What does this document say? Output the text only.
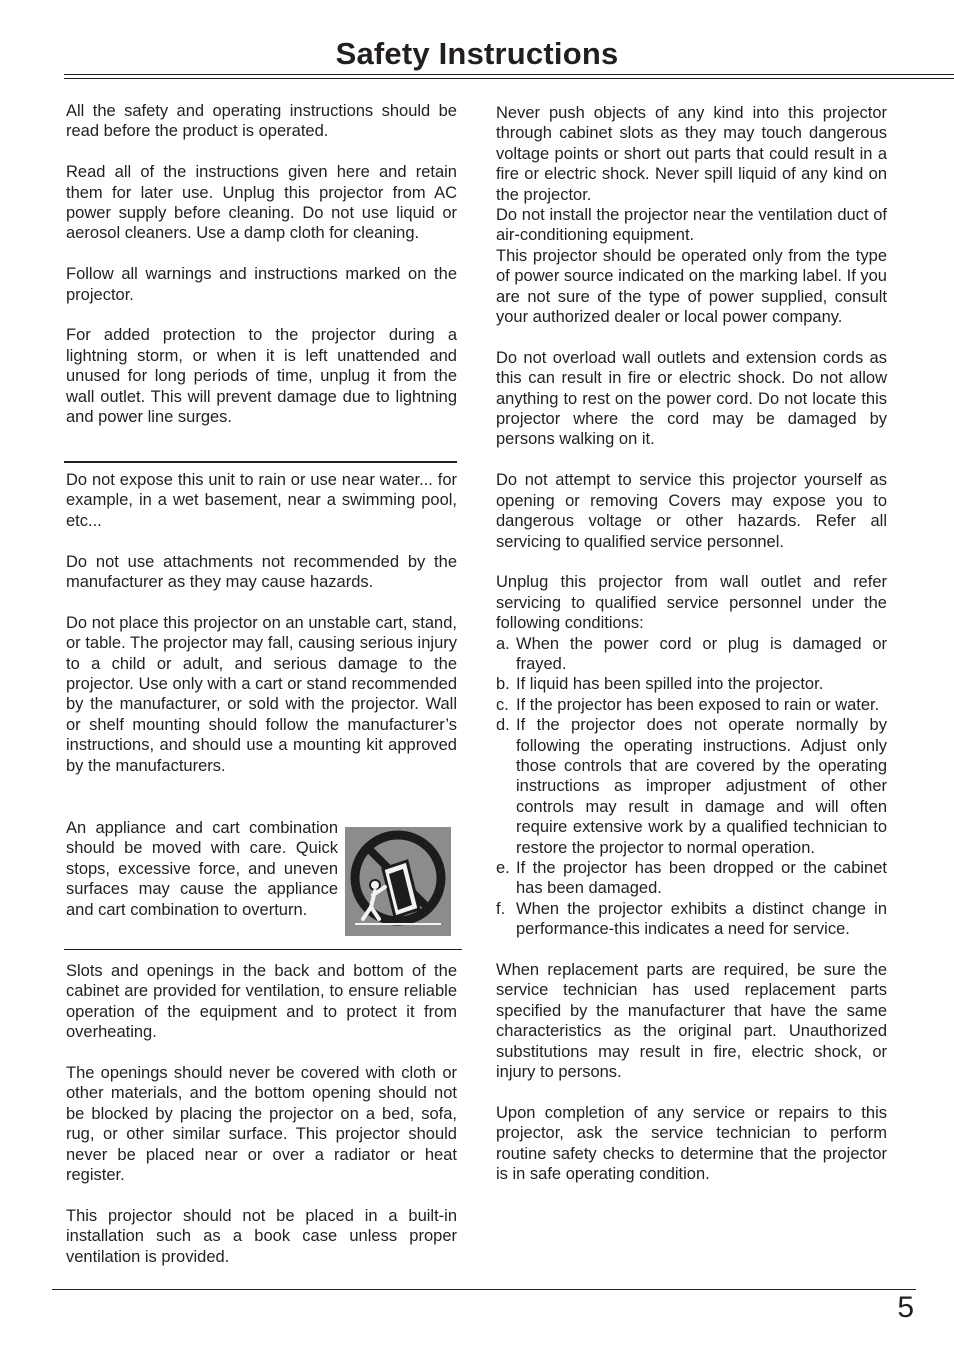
Safety Instructions

All the safety and operating instructions should be read before the product is operated.

Read all of the instructions given here and retain them for later use. Unplug this projector from AC power supply before cleaning. Do not use liquid or aerosol cleaners. Use a damp cloth for cleaning.

Follow all warnings and instructions marked on the projector.

For added protection to the projector during a lightning storm, or when it is left unattended and unused for long periods of time, unplug it from the wall outlet. This will prevent damage due to lightning and power line surges.

Do not expose this unit to rain or use near water... for example, in a wet basement, near a swimming pool, etc...

Do not use attachments not recommended by the manufacturer as they may cause hazards.

Do not place this projector on an unstable cart, stand, or table. The projector may fall, causing serious injury to a child or adult, and serious damage to the projector. Use only with a cart or stand recommended by the manufacturer, or sold with the projector. Wall or shelf mounting should follow the manufacturer’s instructions, and should use a mounting kit approved by the manufacturers.

An appliance and cart combination should be moved with care. Quick stops, excessive force, and uneven surfaces may cause the appliance and cart combination to overturn.

Slots and openings in the back and bottom of the cabinet are provided for ventilation, to ensure reliable operation of the equipment and to protect it from overheating.

The openings should never be covered with cloth or other materials, and the bottom opening should not be blocked by placing the projector on a bed, sofa, rug, or other similar surface. This projector should never be placed near or over a radiator or heat register.

This projector should not be placed in a built-in installation such as a book case unless proper ventilation is provided.

Never push objects of any kind into this projector through cabinet slots as they may touch dangerous voltage points or short out parts that could result in a fire or electric shock. Never spill liquid of any kind on the projector.

Do not install the projector near the ventilation duct of air-conditioning equipment.

This projector should be operated only from the type of power source indicated on the marking label. If you are not sure of the type of power supplied, consult your authorized dealer or local power company.

Do not overload wall outlets and extension cords as this can result in fire or electric shock. Do not allow anything to rest on the power cord. Do not locate this projector where the cord may be damaged by persons walking on it.

Do not attempt to service this projector yourself as opening or removing Covers may expose you to dangerous voltage or other hazards. Refer all servicing to qualified service personnel.

Unplug this projector from wall outlet and refer servicing to qualified service personnel under the following conditions:

a. When the power cord or plug is damaged or frayed.
b. If liquid has been spilled into the projector.
c. If the projector has been exposed to rain or water.
d. If the projector does not operate normally by following the operating instructions. Adjust only those controls that are covered by the operating instructions as improper adjustment of other controls may result in damage and will often require extensive work by a qualified technician to restore the projector to normal operation.
e. If the projector has been dropped or the cabinet has been damaged.
f. When the projector exhibits a distinct change in performance-this indicates a need for service.

When replacement parts are required, be sure the service technician has used replacement parts specified by the manufacturer that have the same characteristics as the original part. Unauthorized substitutions may result in fire, electric shock, or injury to persons.

Upon completion of any service or repairs to this projector, ask the service technician to perform routine safety checks to determine that the projector is in safe operating condition.

5
